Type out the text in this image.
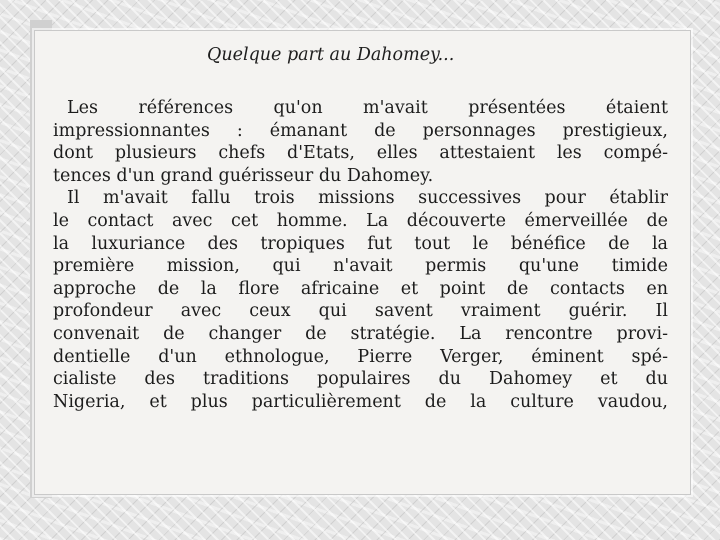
Quelque part au Dahomey...
Les références qu'on m'avait présentées étaient
impressionnantes : émanant de personnages prestigieux,
dont plusieurs chefs d'Etats, elles attestaient les compé-
tences d'un grand guérisseur du Dahomey.
Il m'avait fallu trois missions successives pour établir
le contact avec cet homme. La découverte émerveillée de
la luxuriance des tropiques fut tout le bénéfice de la
première mission, qui n'avait permis qu'une timide
approche de la flore africaine et point de contacts en
profondeur avec ceux qui savent vraiment guérir. Il
convenait de changer de stratégie. La rencontre provi-
dentielle d'un ethnologue, Pierre Verger, éminent spé-
cialiste des traditions populaires du Dahomey et du
Nigeria, et plus particulièrement de la culture vaudou,
